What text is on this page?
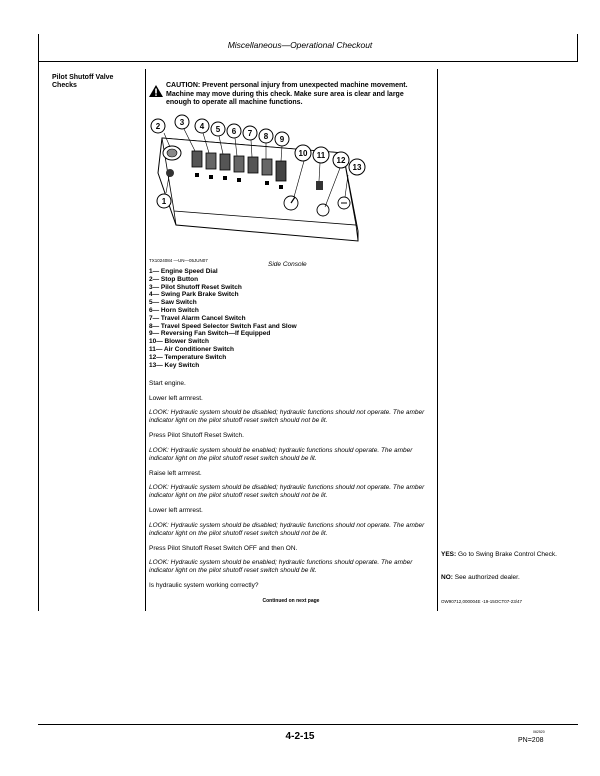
Miscellaneous—Operational Checkout
Pilot Shutoff Valve Checks	CAUTION: Prevent personal injury from unexpected machine movement. Machine may move during this check. Make sure area is clear and large enough to operate all machine functions.
2 3 4 5 6 7 8 9
10 11
12
13
1
TX1024084 —UN—05JUN07
Side Console
1— Engine Speed Dial
2— Stop Button
3— Pilot Shutoff Reset Switch
4— Swing Park Brake Switch
5— Saw Switch
6— Horn Switch
7— Travel Alarm Cancel Switch
8— Travel Speed Selector Switch Fast and Slow
9— Reversing Fan Switch—If Equipped
10— Blower Switch
11— Air Conditioner Switch
12— Temperature Switch
13— Key Switch

Start engine.

Lower left armrest.

LOOK: Hydraulic system should be disabled; hydraulic functions should not operate. The amber indicator light on the pilot shutoff reset switch should not be lit.

Press Pilot Shutoff Reset Switch.

LOOK: Hydraulic system should be enabled; hydraulic functions should operate. The amber indicator light on the pilot shutoff reset switch should be lit.

Raise left armrest.

LOOK: Hydraulic system should be disabled; hydraulic functions should not operate. The amber indicator light on the pilot shutoff reset switch should not be lit.

Lower left armrest.

LOOK: Hydraulic system should be disabled; hydraulic functions should not operate. The amber indicator light on the pilot shutoff reset switch should not be lit.

Press Pilot Shutoff Reset Switch OFF and then ON.

LOOK: Hydraulic system should be enabled; hydraulic functions should operate. The amber indicator light on the pilot shutoff reset switch should be lit.

Is hydraulic system working correctly?

YES: Go to Swing Brake Control Check.
NO: See authorized dealer.
Continued on next page	OW90712,000004E -19-15OCT07-23/47
4-2-15	062520
PN=208
